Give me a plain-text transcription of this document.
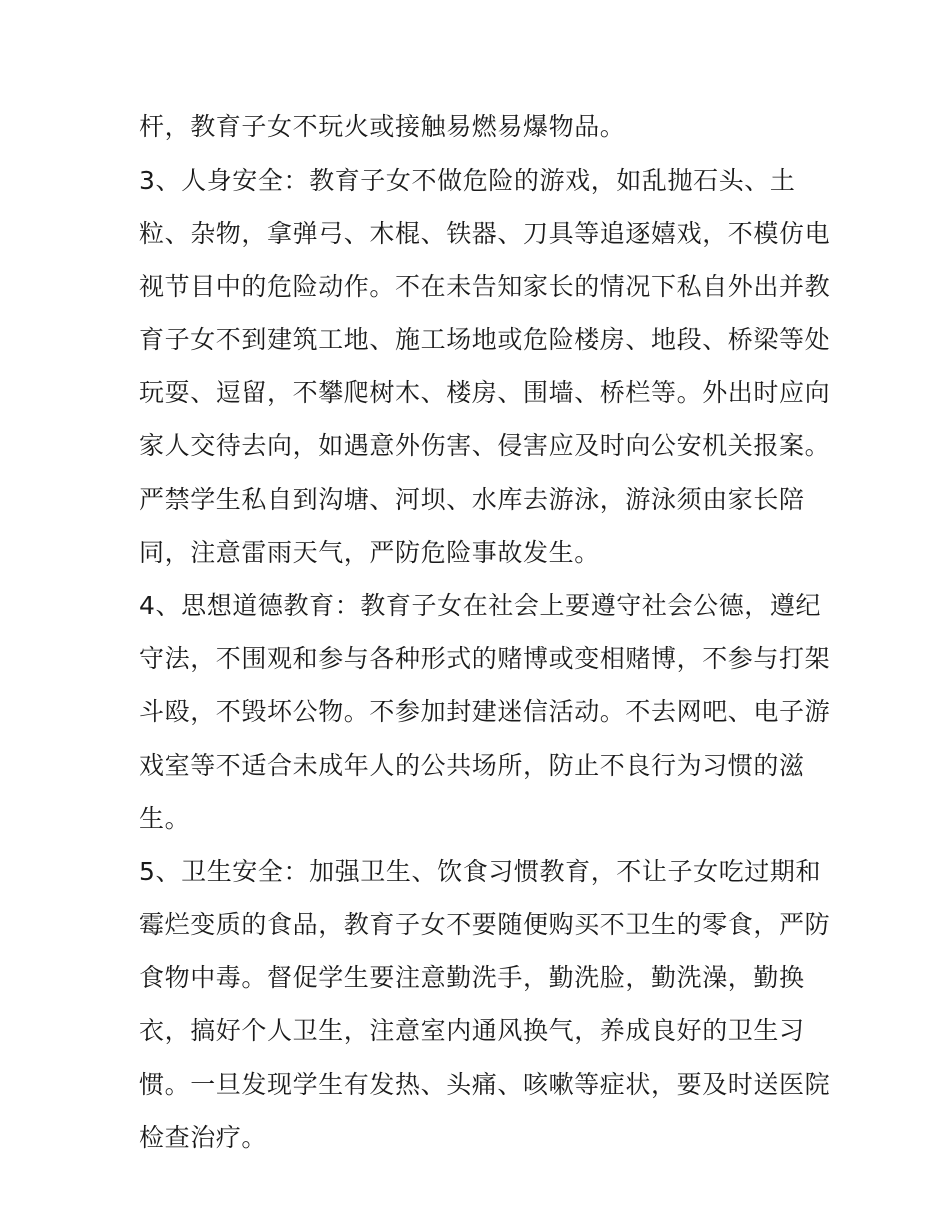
杆，教育子女不玩火或接触易燃易爆物品。
3、人身安全：教育子女不做危险的游戏，如乱抛石头、土
粒、杂物，拿弹弓、木棍、铁器、刀具等追逐嬉戏，不模仿电
视节目中的危险动作。不在未告知家长的情况下私自外出并教
育子女不到建筑工地、施工场地或危险楼房、地段、桥梁等处
玩耍、逗留，不攀爬树木、楼房、围墙、桥栏等。外出时应向
家人交待去向，如遇意外伤害、侵害应及时向公安机关报案。
严禁学生私自到沟塘、河坝、水库去游泳，游泳须由家长陪
同，注意雷雨天气，严防危险事故发生。
4、思想道德教育：教育子女在社会上要遵守社会公德，遵纪
守法，不围观和参与各种形式的赌博或变相赌博，不参与打架
斗殴，不毁坏公物。不参加封建迷信活动。不去网吧、电子游
戏室等不适合未成年人的公共场所，防止不良行为习惯的滋
生。
5、卫生安全：加强卫生、饮食习惯教育，不让子女吃过期和
霉烂变质的食品，教育子女不要随便购买不卫生的零食，严防
食物中毒。督促学生要注意勤洗手，勤洗脸，勤洗澡，勤换
衣，搞好个人卫生，注意室内通风换气，养成良好的卫生习
惯。一旦发现学生有发热、头痛、咳嗽等症状，要及时送医院
检查治疗。
